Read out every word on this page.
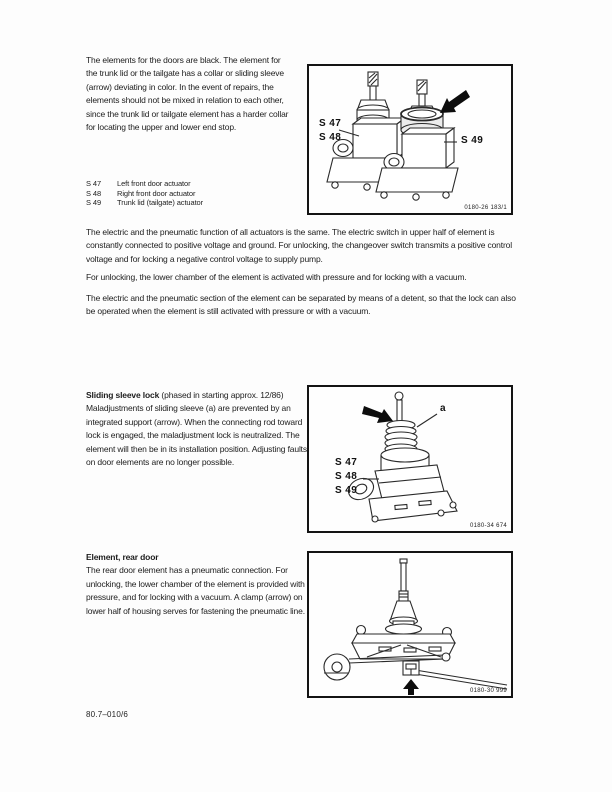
The elements for the doors are black. The element for the trunk lid or the tailgate has a collar or sliding sleeve (arrow) deviating in color. In the event of repairs, the elements should not be mixed in relation to each other, since the trunk lid or tailgate element has a harder collar for locating the upper and lower end stop.
S 47	Left front door actuator
S 48	Right front door actuator
S 49	Trunk lid (tailgate) actuator
S 47
S 48	S 49
0180-26 183/1
The electric and the pneumatic function of all actuators is the same. The electric switch in upper half of element is constantly connected to positive voltage and ground. For unlocking, the changeover switch transmits a positive control voltage and for locking a negative control voltage to supply pump.
For unlocking, the lower chamber of the element is activated with pressure and for locking with a vacuum.
The electric and the pneumatic section of the element can be separated by means of a detent, so that the lock can also be operated when the element is still activated with pressure or with a vacuum.
Sliding sleeve lock (phased in starting approx. 12/86)
Maladjustments of sliding sleeve (a) are prevented by an integrated support (arrow). When the connecting rod toward lock is engaged, the maladjustment lock is neutralized. The element will then be in its installation position. Adjusting faults on door elements are no longer possible.	S 47
S 48
S 49
a
0180-34 674
Element, rear door
The rear door element has a pneumatic connection. For unlocking, the lower chamber of the element is provided with pressure, and for locking with a vacuum. A clamp (arrow) on lower half of housing serves for fastening the pneumatic line.
0180-30 999
80.7–010/6
